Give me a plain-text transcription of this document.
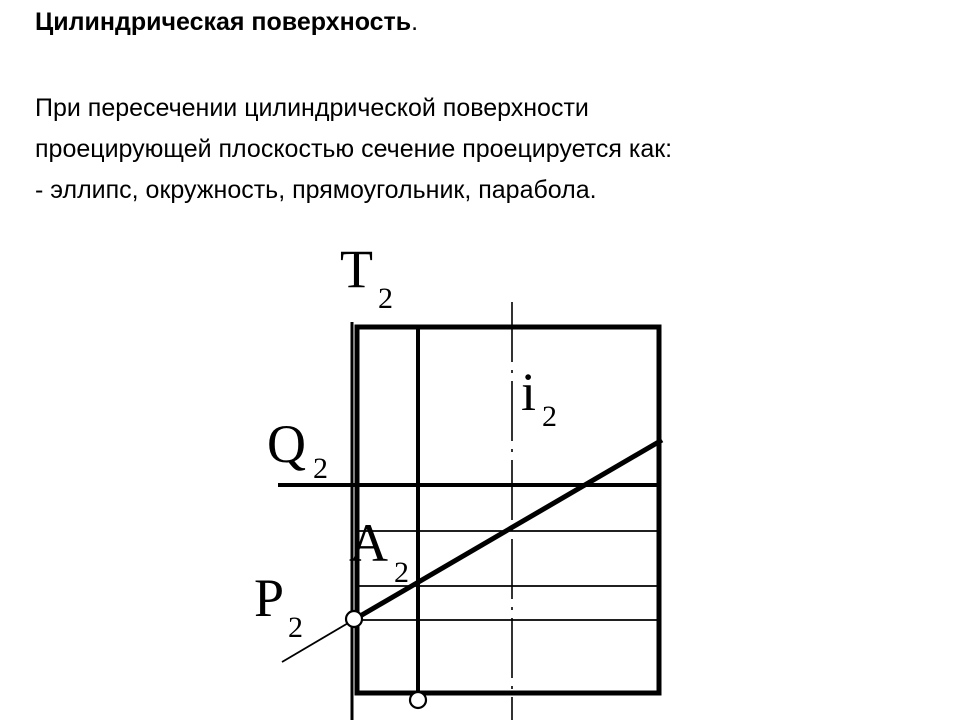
Цилиндрическая поверхность.
При пересечении цилиндрической поверхности
проецирующей плоскостью сечение проецируется как:
- эллипс, окружность, прямоугольник, парабола.
T 2
i 2
Q 2
A 2
P 2
